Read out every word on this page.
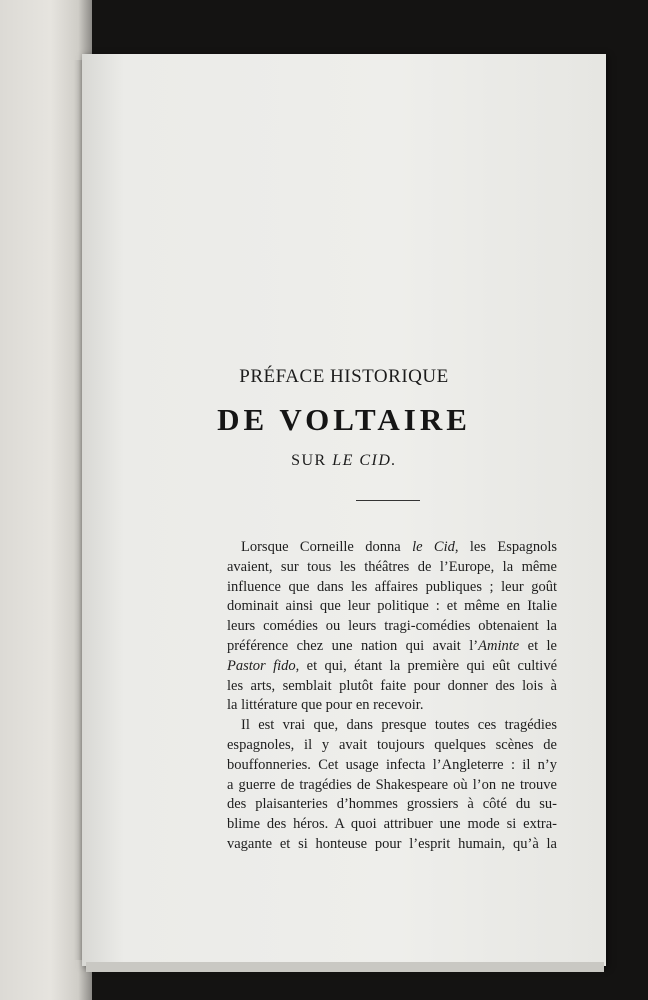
PRÉFACE HISTORIQUE
DE VOLTAIRE
SUR LE CID.
Lorsque Corneille donna le Cid, les Espagnols
avaient, sur tous les théâtres de l’Europe, la même
influence que dans les affaires publiques ; leur goût
dominait ainsi que leur politique : et même en Italie
leurs comédies ou leurs tragi-comédies obtenaient la
préférence chez une nation qui avait l’Aminte et le
Pastor fido, et qui, étant la première qui eût cultivé
les arts, semblait plutôt faite pour donner des lois à
la littérature que pour en recevoir.
Il est vrai que, dans presque toutes ces tragédies
espagnoles, il y avait toujours quelques scènes de
bouffonneries. Cet usage infecta l’Angleterre : il n’y
a guerre de tragédies de Shakespeare où l’on ne trouve
des plaisanteries d’hommes grossiers à côté du su-
blime des héros. A quoi attribuer une mode si extra-
vagante et si honteuse pour l’esprit humain, qu’à la
